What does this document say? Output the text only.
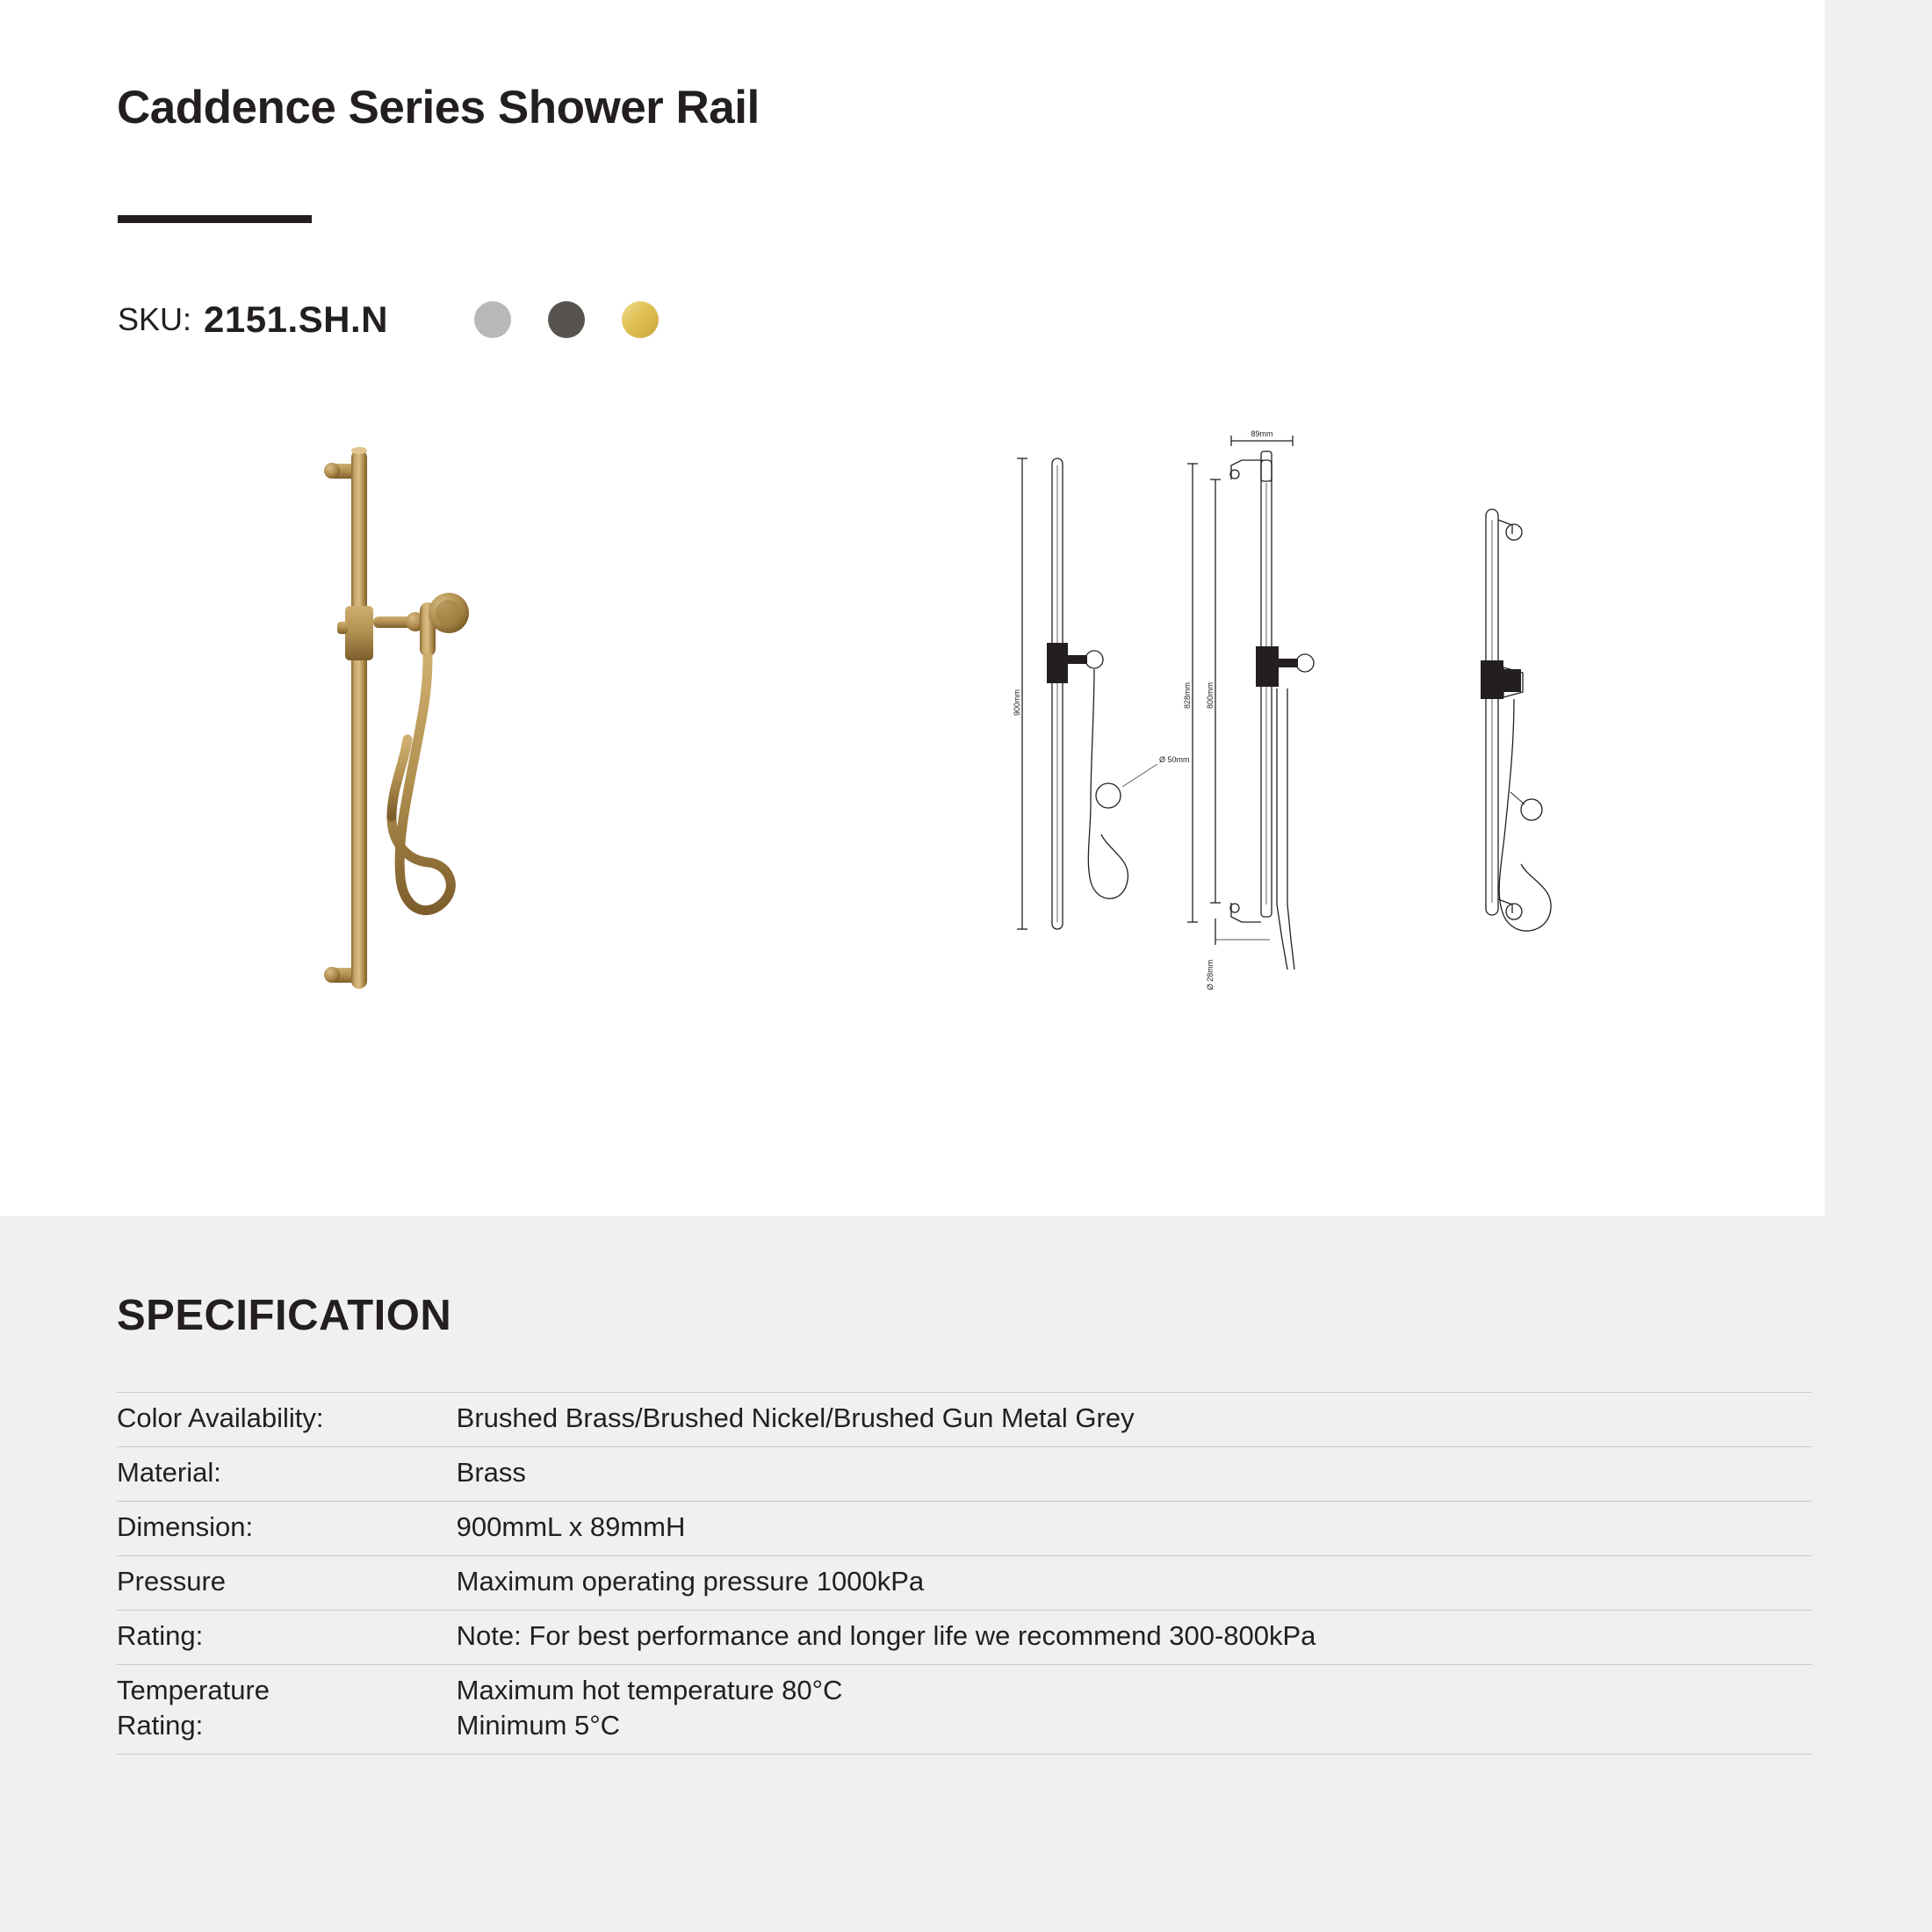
Caddence Series Shower Rail
SKU: 2151.SH.N
900mm
Ø 50mm
89mm
828mm 800mm
Ø 28mm
SPECIFICATION
Color Availability:	Brushed Brass/Brushed Nickel/Brushed Gun Metal Grey
Material:	Brass
Dimension:	900mmL x 89mmH
Pressure	Maximum operating pressure 1000kPa
Rating:	Note: For best performance and longer life we recommend 300-800kPa

Temperature
Rating:	Maximum hot temperature 80°C
Minimum 5°C
